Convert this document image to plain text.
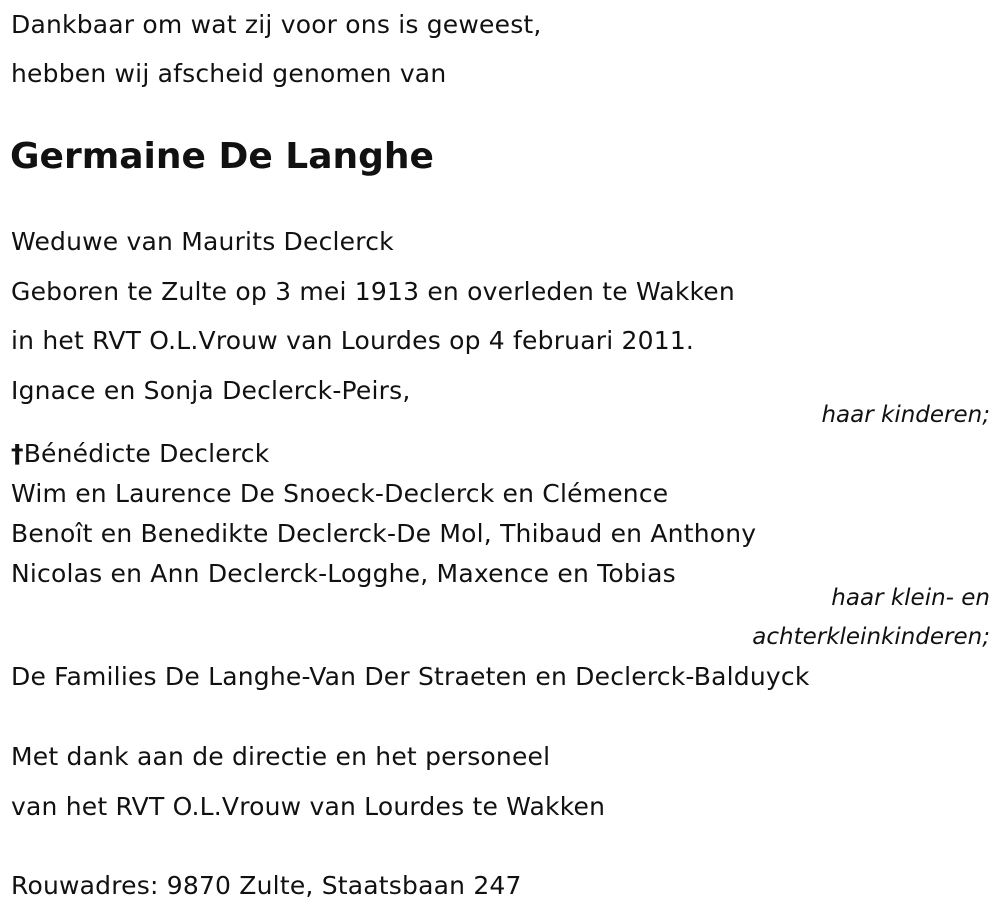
Dankbaar om wat zij voor ons is geweest,
hebben wij afscheid genomen van
Germaine De Langhe
Weduwe van Maurits Declerck
Geboren te Zulte op 3 mei 1913 en overleden te Wakken
in het RVT O.L.Vrouw van Lourdes op 4 februari 2011.
Ignace en Sonja Declerck-Peirs,
haar kinderen;
†Bénédicte Declerck
Wim en Laurence De Snoeck-Declerck en Clémence
Benoît en Benedikte Declerck-De Mol, Thibaud en Anthony
Nicolas en Ann Declerck-Logghe, Maxence en Tobias
haar klein- en
achterkleinkinderen;
De Families De Langhe-Van Der Straeten en Declerck-Balduyck
Met dank aan de directie en het personeel
van het RVT O.L.Vrouw van Lourdes te Wakken
Rouwadres: 9870 Zulte, Staatsbaan 247
